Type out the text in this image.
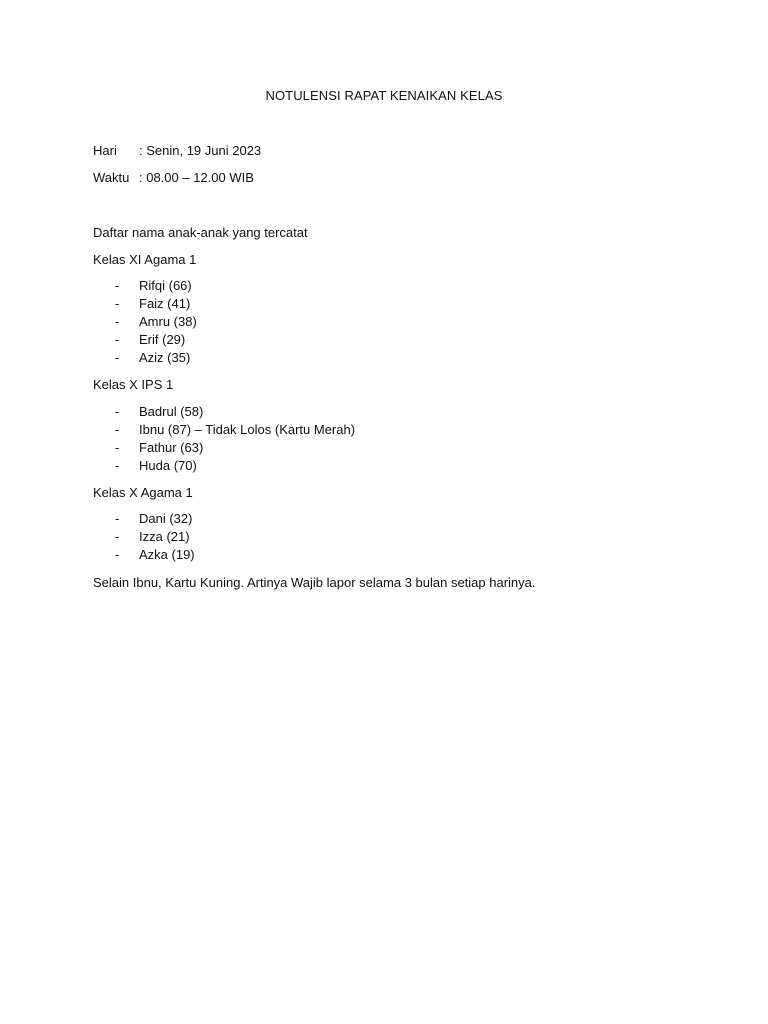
NOTULENSI RAPAT KENAIKAN KELAS
Hari	: Senin, 19 Juni 2023
Waktu : 08.00 – 12.00 WIB
Daftar nama anak-anak yang tercatat
Kelas XI Agama 1
- Rifqi (66)
- Faiz (41)
- Amru (38)
- Erif (29)
- Aziz (35)
Kelas X IPS 1
- Badrul (58)
- Ibnu (87) – Tidak Lolos (Kartu Merah)
- Fathur (63)
- Huda (70)
Kelas X Agama 1
- Dani (32)
- Izza (21)
- Azka (19)
Selain Ibnu, Kartu Kuning. Artinya Wajib lapor selama 3 bulan setiap harinya.
